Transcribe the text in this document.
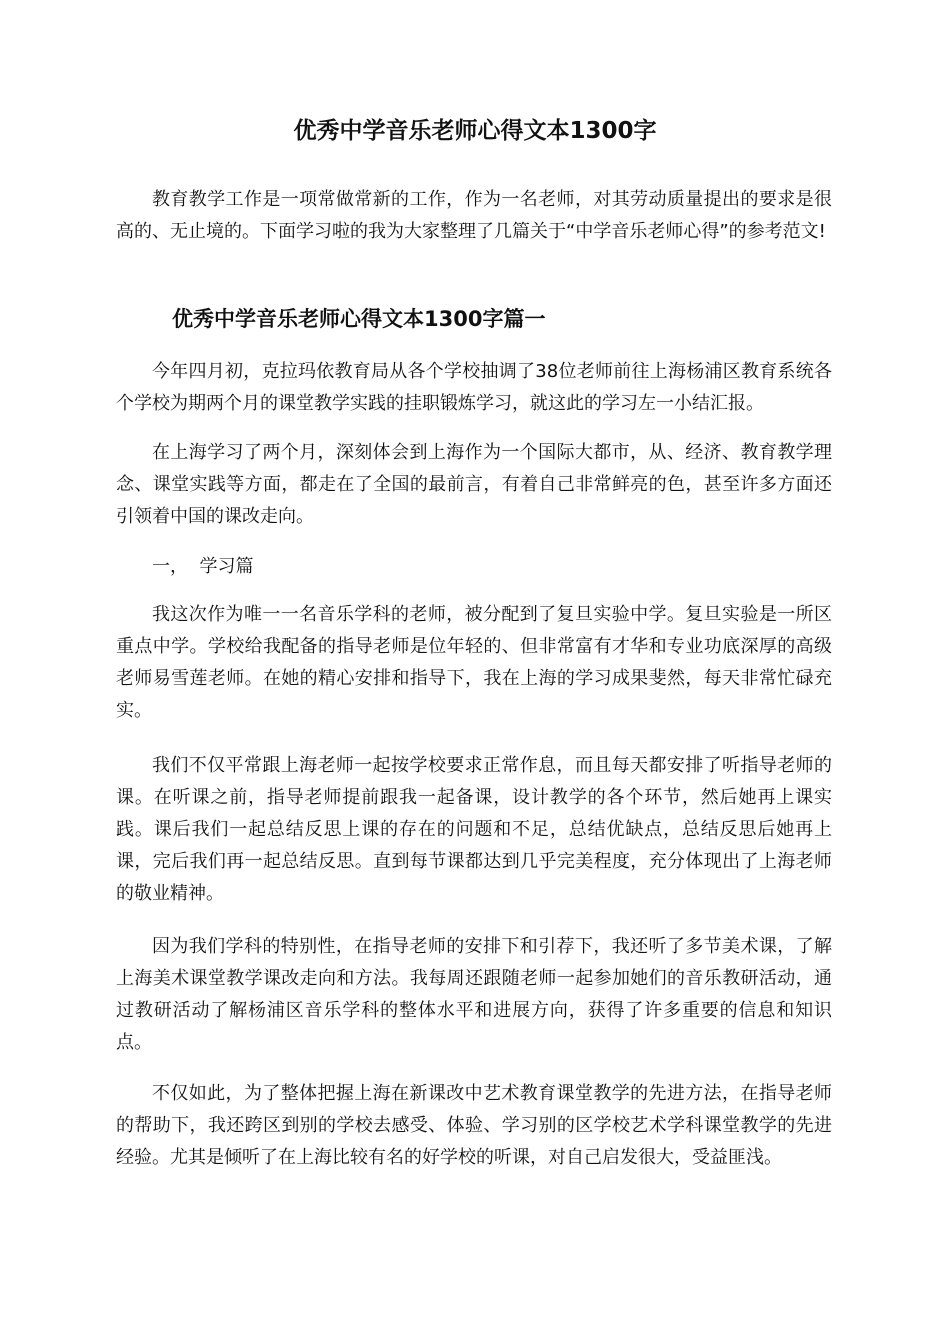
优秀中学音乐老师心得文本1300字

教育教学工作是一项常做常新的工作，作为一名老师，对其劳动质量提出的要求是很高的、无止境的。下面学习啦的我为大家整理了几篇关于“中学音乐老师心得”的参考范文!

优秀中学音乐老师心得文本1300字篇一

今年四月初，克拉玛依教育局从各个学校抽调了38位老师前往上海杨浦区教育系统各个学校为期两个月的课堂教学实践的挂职锻炼学习，就这此的学习左一小结汇报。

在上海学习了两个月，深刻体会到上海作为一个国际大都市，从、经济、教育教学理念、课堂实践等方面，都走在了全国的最前言，有着自己非常鲜亮的色，甚至许多方面还引领着中国的课改走向。

一，  学习篇

我这次作为唯一一名音乐学科的老师，被分配到了复旦实验中学。复旦实验是一所区重点中学。学校给我配备的指导老师是位年轻的、但非常富有才华和专业功底深厚的高级老师易雪莲老师。在她的精心安排和指导下，我在上海的学习成果斐然，每天非常忙碌充实。

我们不仅平常跟上海老师一起按学校要求正常作息，而且每天都安排了听指导老师的课。在听课之前，指导老师提前跟我一起备课，设计教学的各个环节，然后她再上课实践。课后我们一起总结反思上课的存在的问题和不足，总结优缺点，总结反思后她再上课，完后我们再一起总结反思。直到每节课都达到几乎完美程度，充分体现出了上海老师的敬业精神。

因为我们学科的特别性，在指导老师的安排下和引荐下，我还听了多节美术课，了解上海美术课堂教学课改走向和方法。我每周还跟随老师一起参加她们的音乐教研活动，通过教研活动了解杨浦区音乐学科的整体水平和进展方向，获得了许多重要的信息和知识点。

不仅如此，为了整体把握上海在新课改中艺术教育课堂教学的先进方法，在指导老师的帮助下，我还跨区到别的学校去感受、体验、学习别的区学校艺术学科课堂教学的先进经验。尤其是倾听了在上海比较有名的好学校的听课，对自己启发很大，受益匪浅。
